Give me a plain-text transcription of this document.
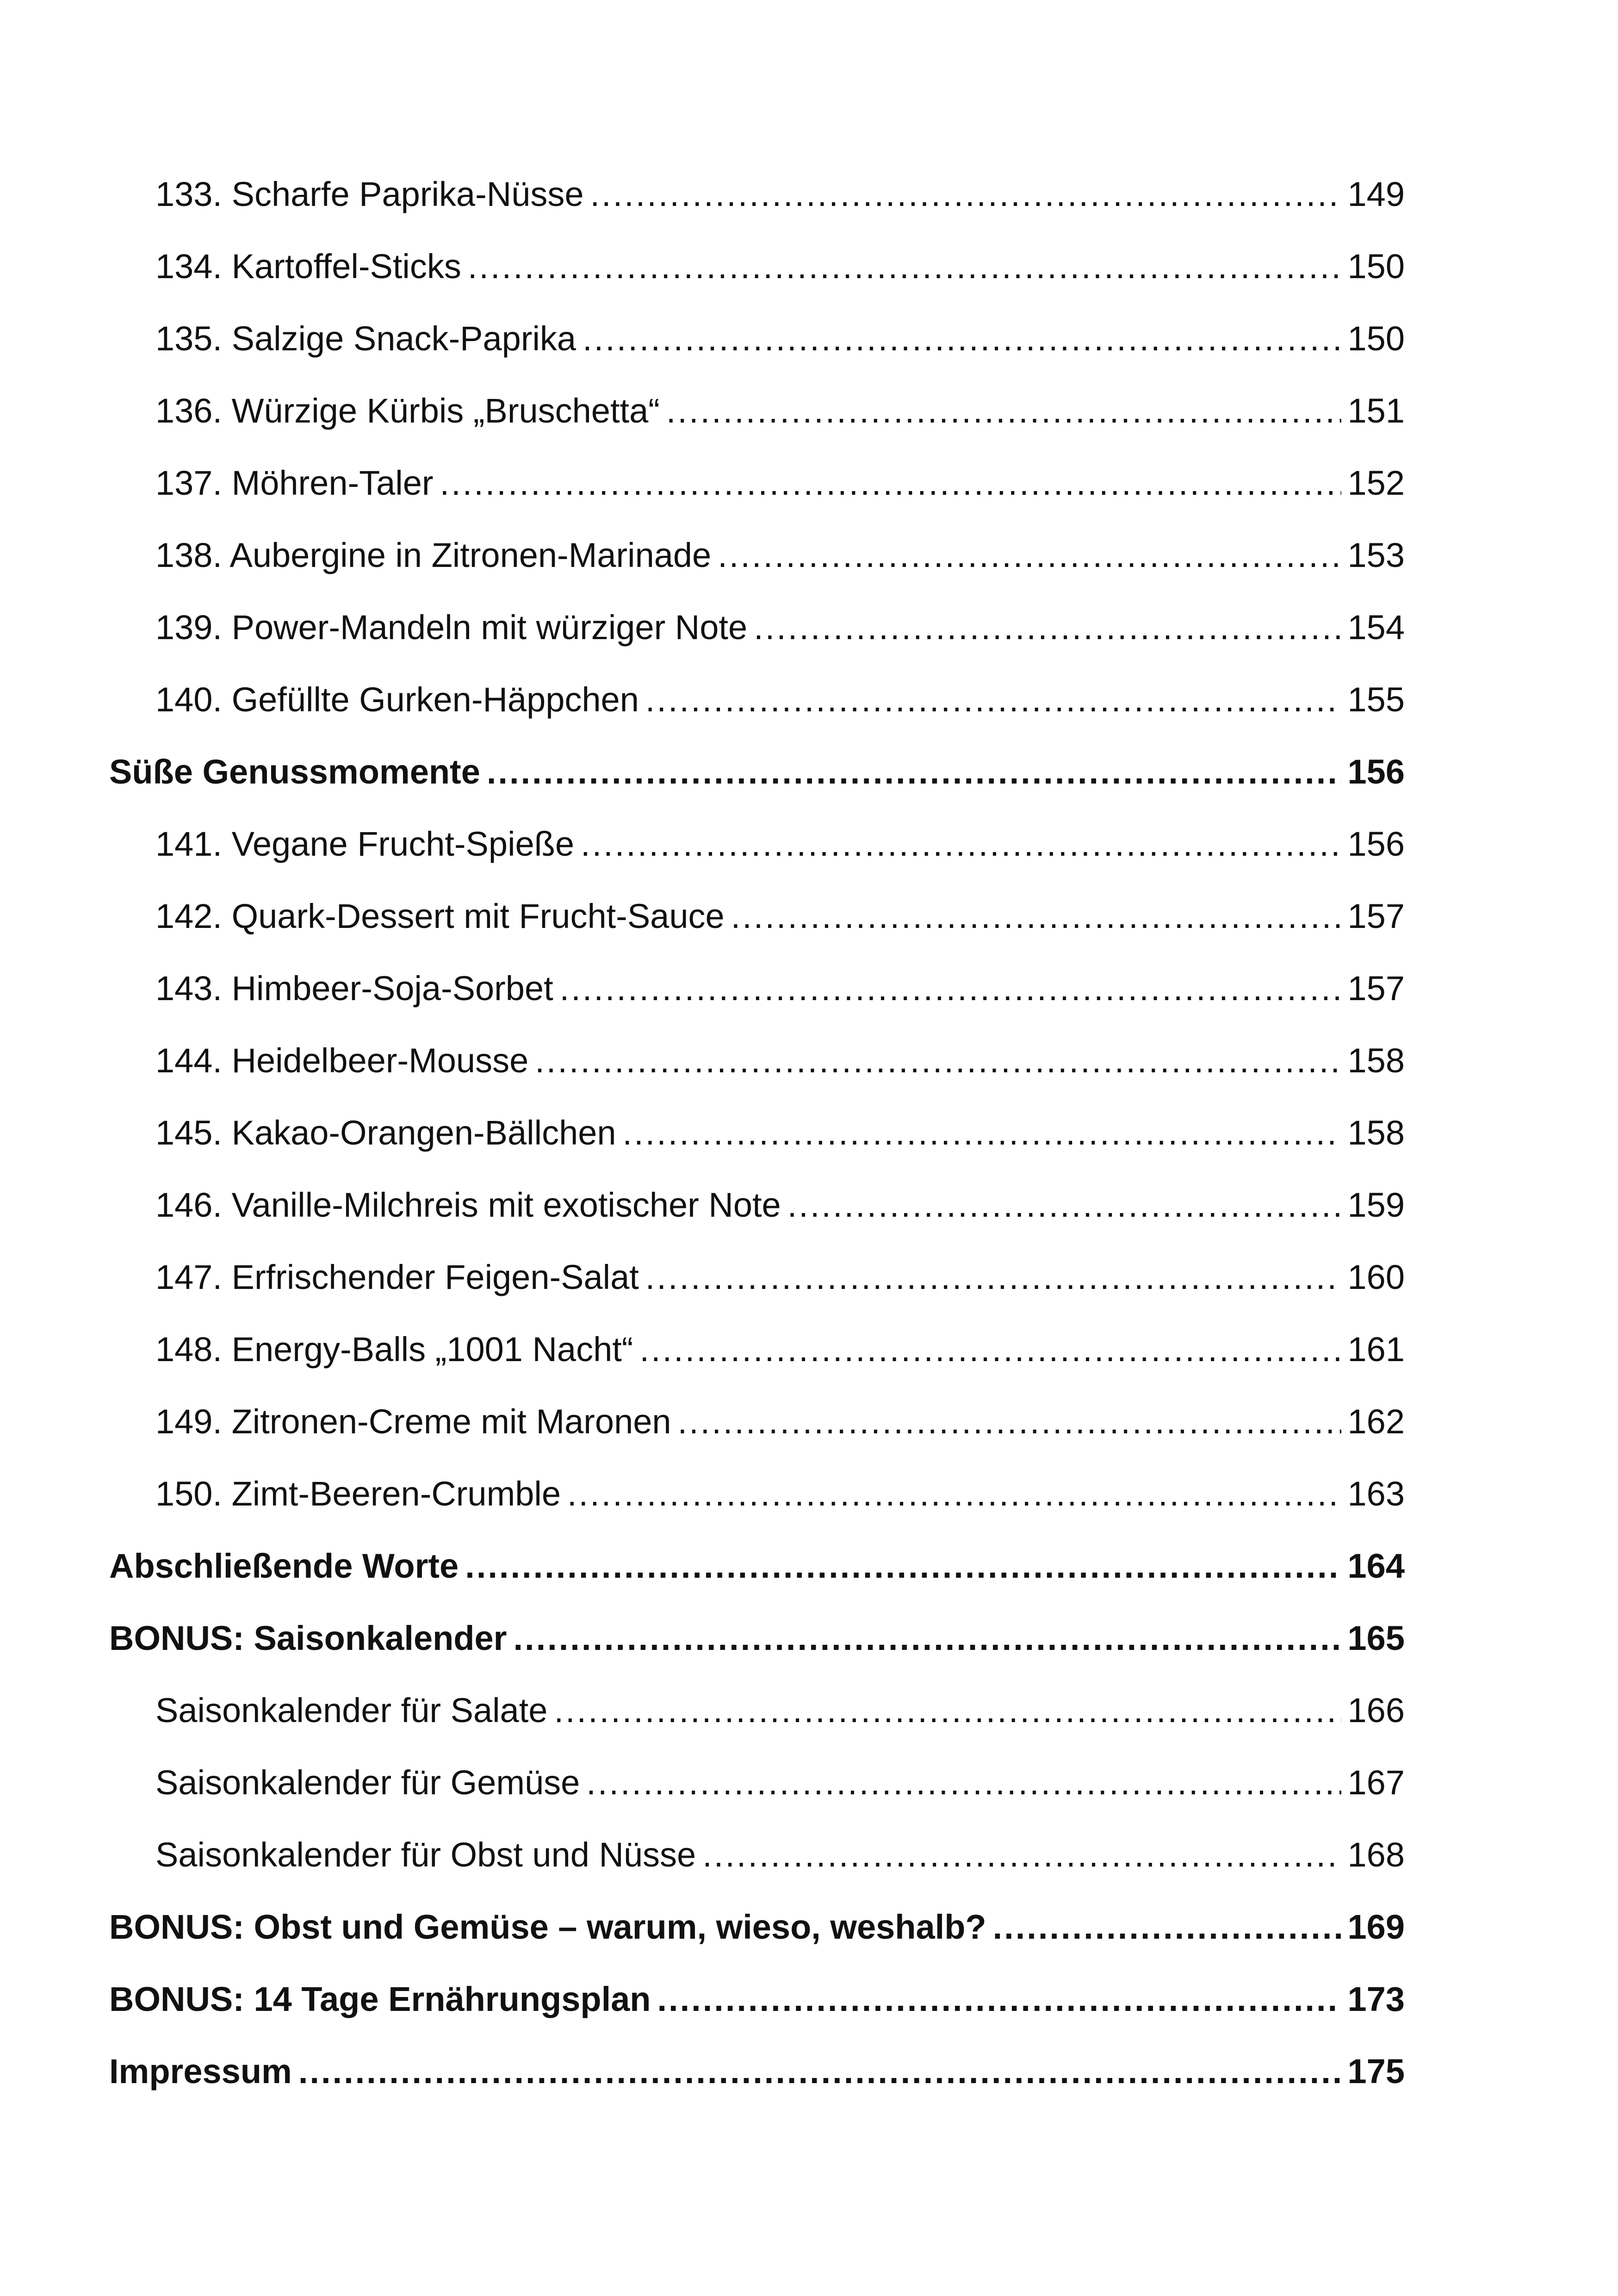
133. Scharfe Paprika-Nüsse .....	149
134. Kartoffel-Sticks .....	150
135. Salzige Snack-Paprika .....	150
136. Würzige Kürbis „Bruschetta“ .....	151
137. Möhren-Taler .....	152
138. Aubergine in Zitronen-Marinade .....	153
139. Power-Mandeln mit würziger Note .....	154
140. Gefüllte Gurken-Häppchen .....	155
Süße Genussmomente .....	156
141. Vegane Frucht-Spieße .....	156
142. Quark-Dessert mit Frucht-Sauce .....	157
143. Himbeer-Soja-Sorbet .....	157
144. Heidelbeer-Mousse .....	158
145. Kakao-Orangen-Bällchen .....	158
146. Vanille-Milchreis mit exotischer Note .....	159
147. Erfrischender Feigen-Salat .....	160
148. Energy-Balls „1001 Nacht“ .....	161
149. Zitronen-Creme mit Maronen .....	162
150. Zimt-Beeren-Crumble .....	163
Abschließende Worte .....	164
BONUS: Saisonkalender .....	165
Saisonkalender für Salate .....	166
Saisonkalender für Gemüse .....	167
Saisonkalender für Obst und Nüsse .....	168
BONUS: Obst und Gemüse – warum, wieso, weshalb? .....	169
BONUS: 14 Tage Ernährungsplan .....	173
Impressum .....	175
